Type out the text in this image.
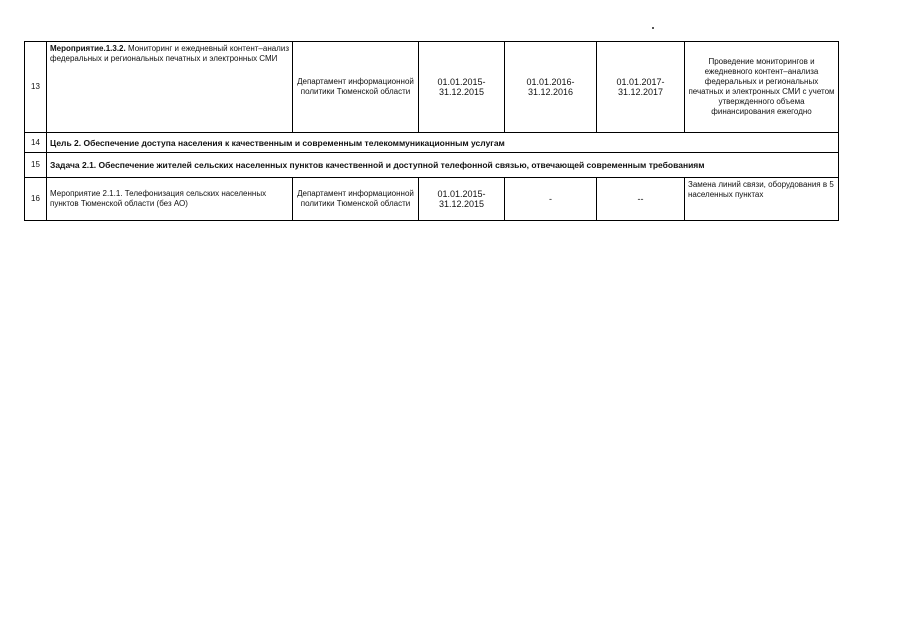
13	Мероприятие.1.3.2. Мониторинг и ежедневный контент–анализ федеральных и региональных печатных и электронных СМИ	Департамент информационной политики Тюменской области	01.01.2015-31.12.2015	01.01.2016-31.12.2016	01.01.2017-31.12.2017	Проведение мониторингов и ежедневного контент–анализа федеральных и региональных печатных и электронных СМИ с учетом утвержденного объема финансирования ежегодно
14	Цель 2. Обеспечение доступа населения к качественным и современным телекоммуникационным услугам					
15	Задача 2.1. Обеспечение жителей сельских населенных пунктов качественной и доступной телефонной связью, отвечающей современным требованиям					
16	Мероприятие 2.1.1. Телефонизация сельских населенных пунктов Тюменской области (без АО)	Департамент информационной политики Тюменской области	01.01.2015-31.12.2015	-	--	Замена линий связи, оборудования в 5 населенных пунктах
